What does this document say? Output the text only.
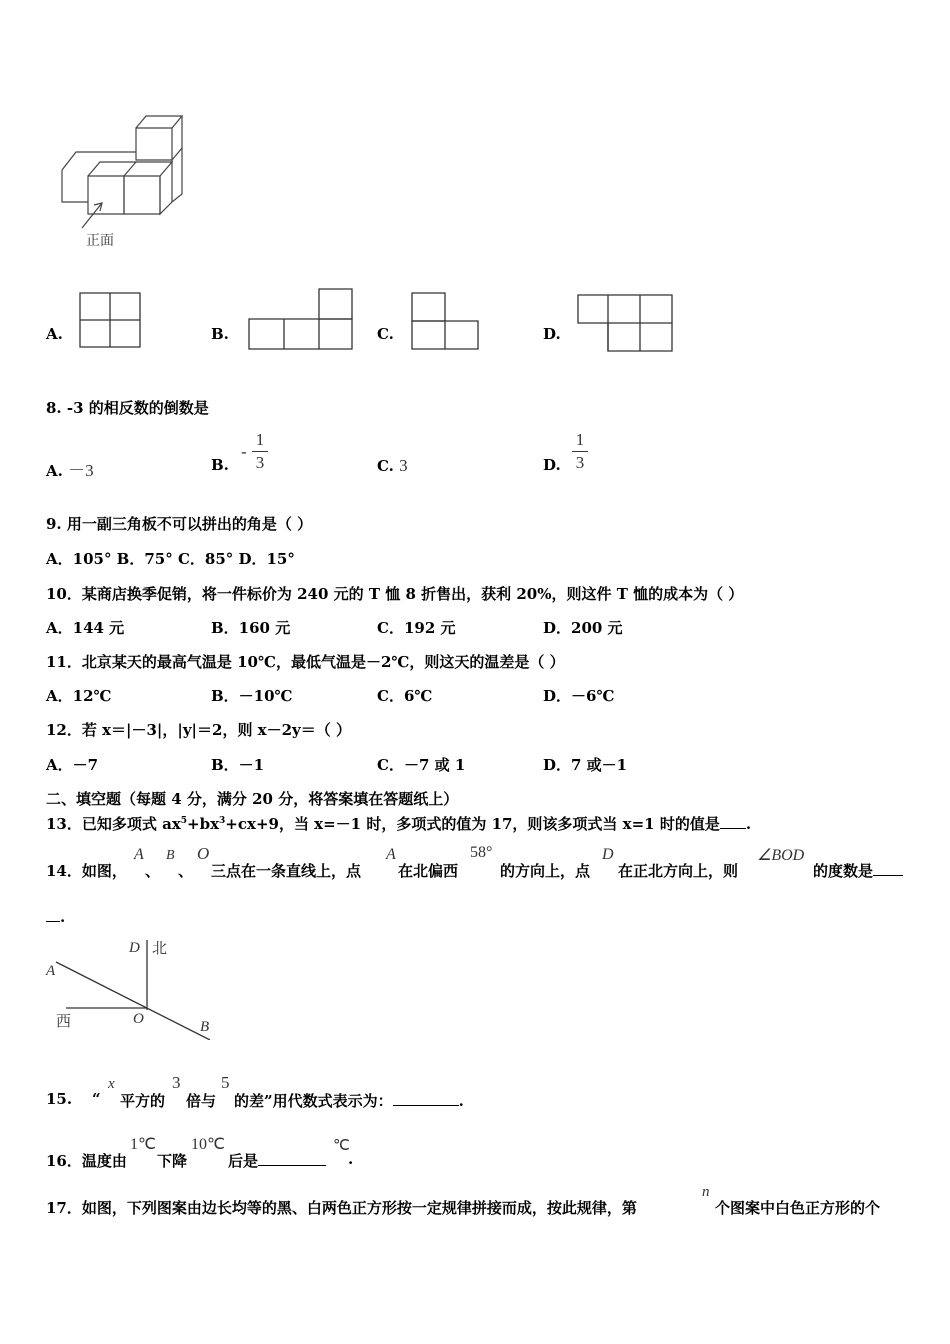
正面
A.	B.	C.	D.
8. -3 的相反数的倒数是
A. －3	B.
-
1
3	C. 3	D.
1
3
9. 用一副三角板不可以拼出的角是（ ）
A．105° B．75° C．85° D．15°
10．某商店换季促销，将一件标价为 240 元的 T 恤 8 折售出，获利 20%，则这件 T 恤的成本为（ ）
A．144 元	B．160 元	C．192 元	D．200 元
11．北京某天的最高气温是 10℃，最低气温是－2℃，则这天的温差是（ ）
A．12℃	B．－10℃	C．6℃	D．－6℃
12．若 x＝|－3|，|y|＝2，则 x－2y＝（ ）
A．－7	B．－1	C．－7 或 1	D．7 或－1
二、填空题（每题 4 分，满分 20 分，将答案填在答题纸上）
13．已知多项式 $ax^5+bx^3+cx+9$，当 x=－1 时，多项式的值为 17，则该多项式当 x=1 时的值是 .
14．如图，
A
、
B
、
O
三点在一条直线上，点
A
在北偏西
58°
的方向上，点
D
在正北方向上，则
∠BOD
的度数是
.
D 北
A
西	O	B
15. “
x
平方的
3
倍与
5
的差”用代数式表示为：	.
16．温度由
1℃
下降
10℃
后是
℃
.
17．如图，下列图案由边长均等的黑、白两色正方形按一定规律拼接而成，按此规律，第
n
个图案中白色正方形的个
